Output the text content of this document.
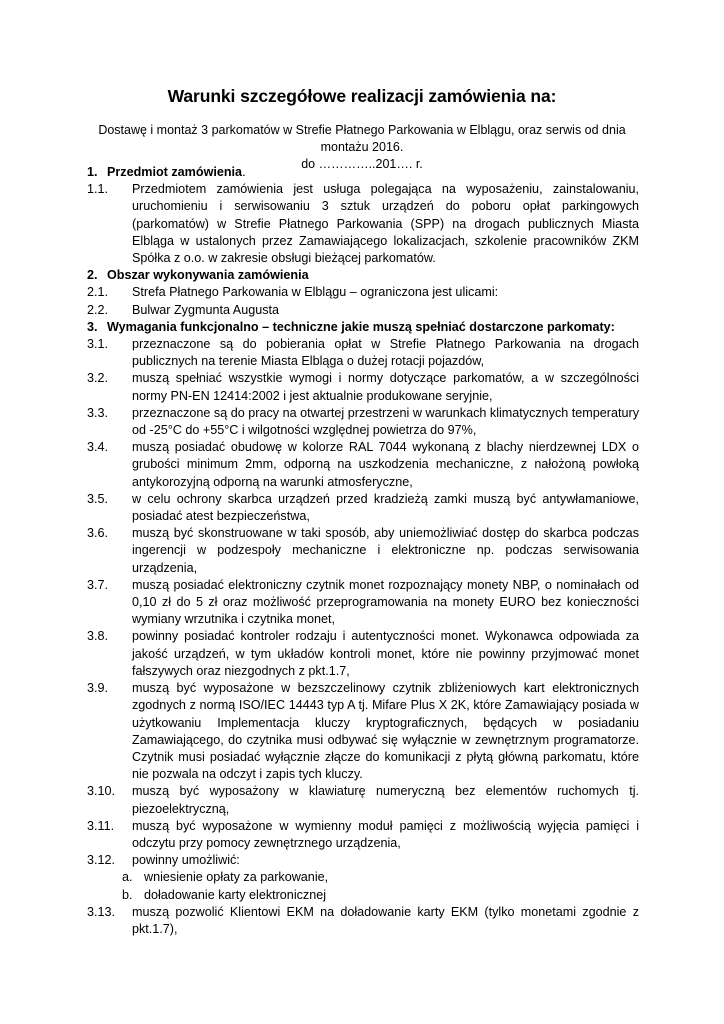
Warunki szczegółowe realizacji zamówienia na:
Dostawę i montaż 3 parkomatów w Strefie Płatnego Parkowania w Elblągu, oraz serwis od dnia montażu 2016.
do …………..201…. r.
1. Przedmiot zamówienia .
1.1.	Przedmiotem zamówienia jest usługa polegająca na wyposażeniu, zainstalowaniu, uruchomieniu i serwisowaniu 3 sztuk urządzeń do poboru opłat parkingowych (parkomatów) w Strefie Płatnego Parkowania (SPP) na drogach publicznych Miasta Elbląga w ustalonych przez Zamawiającego lokalizacjach, szkolenie pracowników ZKM Spółka z o.o. w zakresie obsługi bieżącej parkomatów.
2. Obszar wykonywania zamówienia
2.1.	Strefa Płatnego Parkowania w Elblągu – ograniczona jest ulicami:
2.2.	Bulwar Zygmunta Augusta
3. Wymagania funkcjonalno – techniczne jakie muszą spełniać dostarczone parkomaty:
3.1.	przeznaczone są do pobierania opłat w Strefie Płatnego Parkowania na drogach publicznych na terenie Miasta Elbląga o dużej rotacji pojazdów,
3.2.	muszą spełniać wszystkie wymogi i normy dotyczące parkomatów, a w szczególności normy PN-EN 12414:2002 i jest aktualnie produkowane seryjnie,
3.3.	przeznaczone są do pracy na otwartej przestrzeni w warunkach klimatycznych temperatury od -25°C do +55°C i wilgotności względnej powietrza do 97%,
3.4.	muszą posiadać obudowę w kolorze RAL 7044 wykonaną z blachy nierdzewnej LDX o grubości minimum 2mm, odporną na uszkodzenia mechaniczne, z nałożoną powłoką antykorozyjną odporną na warunki atmosferyczne,
3.5.	w celu ochrony skarbca urządzeń przed kradzieżą zamki muszą być antywłamaniowe, posiadać atest bezpieczeństwa,
3.6.	muszą być skonstruowane w taki sposób, aby uniemożliwiać dostęp do skarbca podczas ingerencji w podzespoły mechaniczne i elektroniczne np. podczas serwisowania urządzenia,
3.7.	muszą posiadać elektroniczny czytnik monet rozpoznający monety NBP, o nominałach od 0,10 zł do 5 zł oraz możliwość przeprogramowania na monety EURO bez konieczności wymiany wrzutnika i czytnika monet,
3.8.	powinny posiadać kontroler rodzaju i autentyczności monet. Wykonawca odpowiada za jakość urządzeń, w tym układów kontroli monet, które nie powinny przyjmować monet fałszywych oraz niezgodnych z pkt.1.7,
3.9.	muszą być wyposażone w bezszczelinowy czytnik zbliżeniowych kart elektronicznych zgodnych z normą ISO/IEC 14443 typ A tj. Mifare Plus X 2K, które Zamawiający posiada w użytkowaniu Implementacja kluczy kryptograficznych, będących w posiadaniu Zamawiającego, do czytnika musi odbywać się wyłącznie w zewnętrznym programatorze. Czytnik musi posiadać wyłącznie złącze do komunikacji z płytą główną parkomatu, które nie pozwala na odczyt i zapis tych kluczy.
3.10.	muszą być wyposażony w klawiaturę numeryczną bez elementów ruchomych tj. piezoelektryczną,
3.11.	muszą być wyposażone w wymienny moduł pamięci z możliwością wyjęcia pamięci i odczytu przy pomocy zewnętrznego urządzenia,
3.12.	powinny umożliwić:
a. wniesienie opłaty za parkowanie,
b. doładowanie karty elektronicznej
3.13.	muszą pozwolić Klientowi EKM na doładowanie karty EKM (tylko monetami zgodnie z pkt.1.7),
